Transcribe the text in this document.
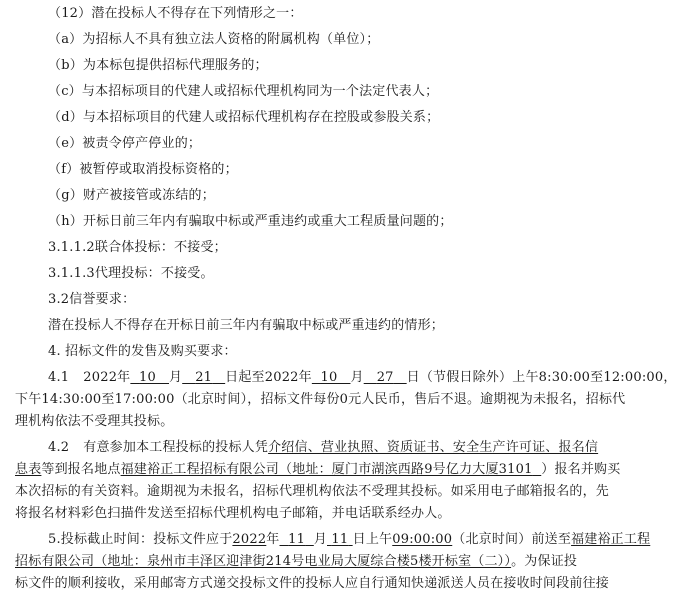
（12）潜在投标人不得存在下列情形之一：
（a）为招标人不具有独立法人资格的附属机构（单位）；
（b）为本标包提供招标代理服务的；
（c）与本招标项目的代建人或招标代理机构同为一个法定代表人；
（d）与本招标项目的代建人或招标代理机构存在控股或参股关系；
（e）被责令停产停业的；
（f）被暂停或取消投标资格的；
（g）财产被接管或冻结的；
（h）开标日前三年内有骗取中标或严重违约或重大工程质量问题的；
3.1.1.2联合体投标：不接受；
3.1.1.3代理投标：不接受。
3.2信誉要求：
潜在投标人不得存在开标日前三年内有骗取中标或严重违约的情形；
4. 招标文件的发售及购买要求：
4.1 2022年 10 月 21 日起至2022年 10 月 27 日（节假日除外）上午8:30:00至12:00:00，
下午14:30:00至17:00:00（北京时间），招标文件每份0元人民币，售后不退。逾期视为未报名，招标代
理机构依法不受理其投标。
4.2 有意参加本工程投标的投标人凭介绍信、营业执照、资质证书、安全生产许可证、报名信
息表等到报名地点福建裕正工程招标有限公司（地址：厦门市湖滨西路9号亿力大厦3101 ）报名并购买
本次招标的有关资料。逾期视为未报名，招标代理机构依法不受理其投标。如采用电子邮箱报名的，先
将报名材料彩色扫描件发送至招标代理机构电子邮箱，并电话联系经办人。
5.投标截止时间：投标文件应于2022年 11 月 11 日上午09:00:00（北京时间）前送至福建裕正工程
招标有限公司（地址：泉州市丰泽区迎津街214号电业局大厦综合楼5楼开标室（二））。为保证投
标文件的顺利接收，采用邮寄方式递交投标文件的投标人应自行通知快递派送人员在接收时间段前往接
